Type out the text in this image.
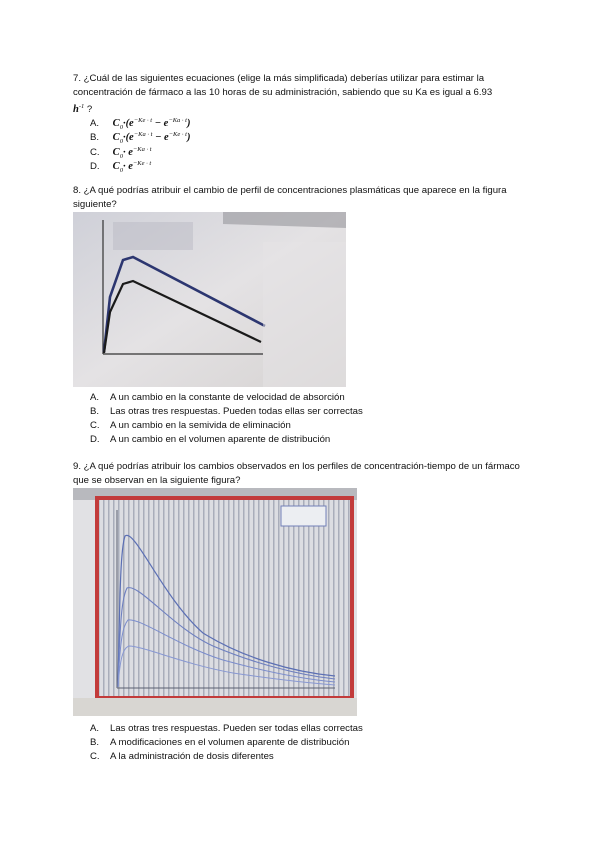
7. ¿Cuál de las siguientes ecuaciones (elige la más simplificada) deberías utilizar para estimar la concentración de fármaco a las 10 horas de su administración, sabiendo que su Ka es igual a 6.93
$h^{-1}$ ?
A. $C_0\cdot(e^{-Ke \cdot t} - e^{-Ka \cdot t})$
B. $C_0\cdot(e^{-Ka \cdot t} - e^{-Ke \cdot t})$
C. $C_0\cdot e^{-Ka \cdot t}$
D. $C_0\cdot e^{-Ke \cdot t}$
8. ¿A qué podrías atribuir el cambio de perfil de concentraciones plasmáticas que aparece en la figura siguiente?
A. A un cambio en la constante de velocidad de absorción
B. Las otras tres respuestas. Pueden todas ellas ser correctas
C. A un cambio en la semivida de eliminación
D. A un cambio en el volumen aparente de distribución
9. ¿A qué podrías atribuir los cambios observados en los perfiles de concentración-tiempo de un fármaco que se observan en la siguiente figura?
A. Las otras tres respuestas. Pueden ser todas ellas correctas
B. A modificaciones en el volumen aparente de distribución
C. A la administración de dosis diferentes
